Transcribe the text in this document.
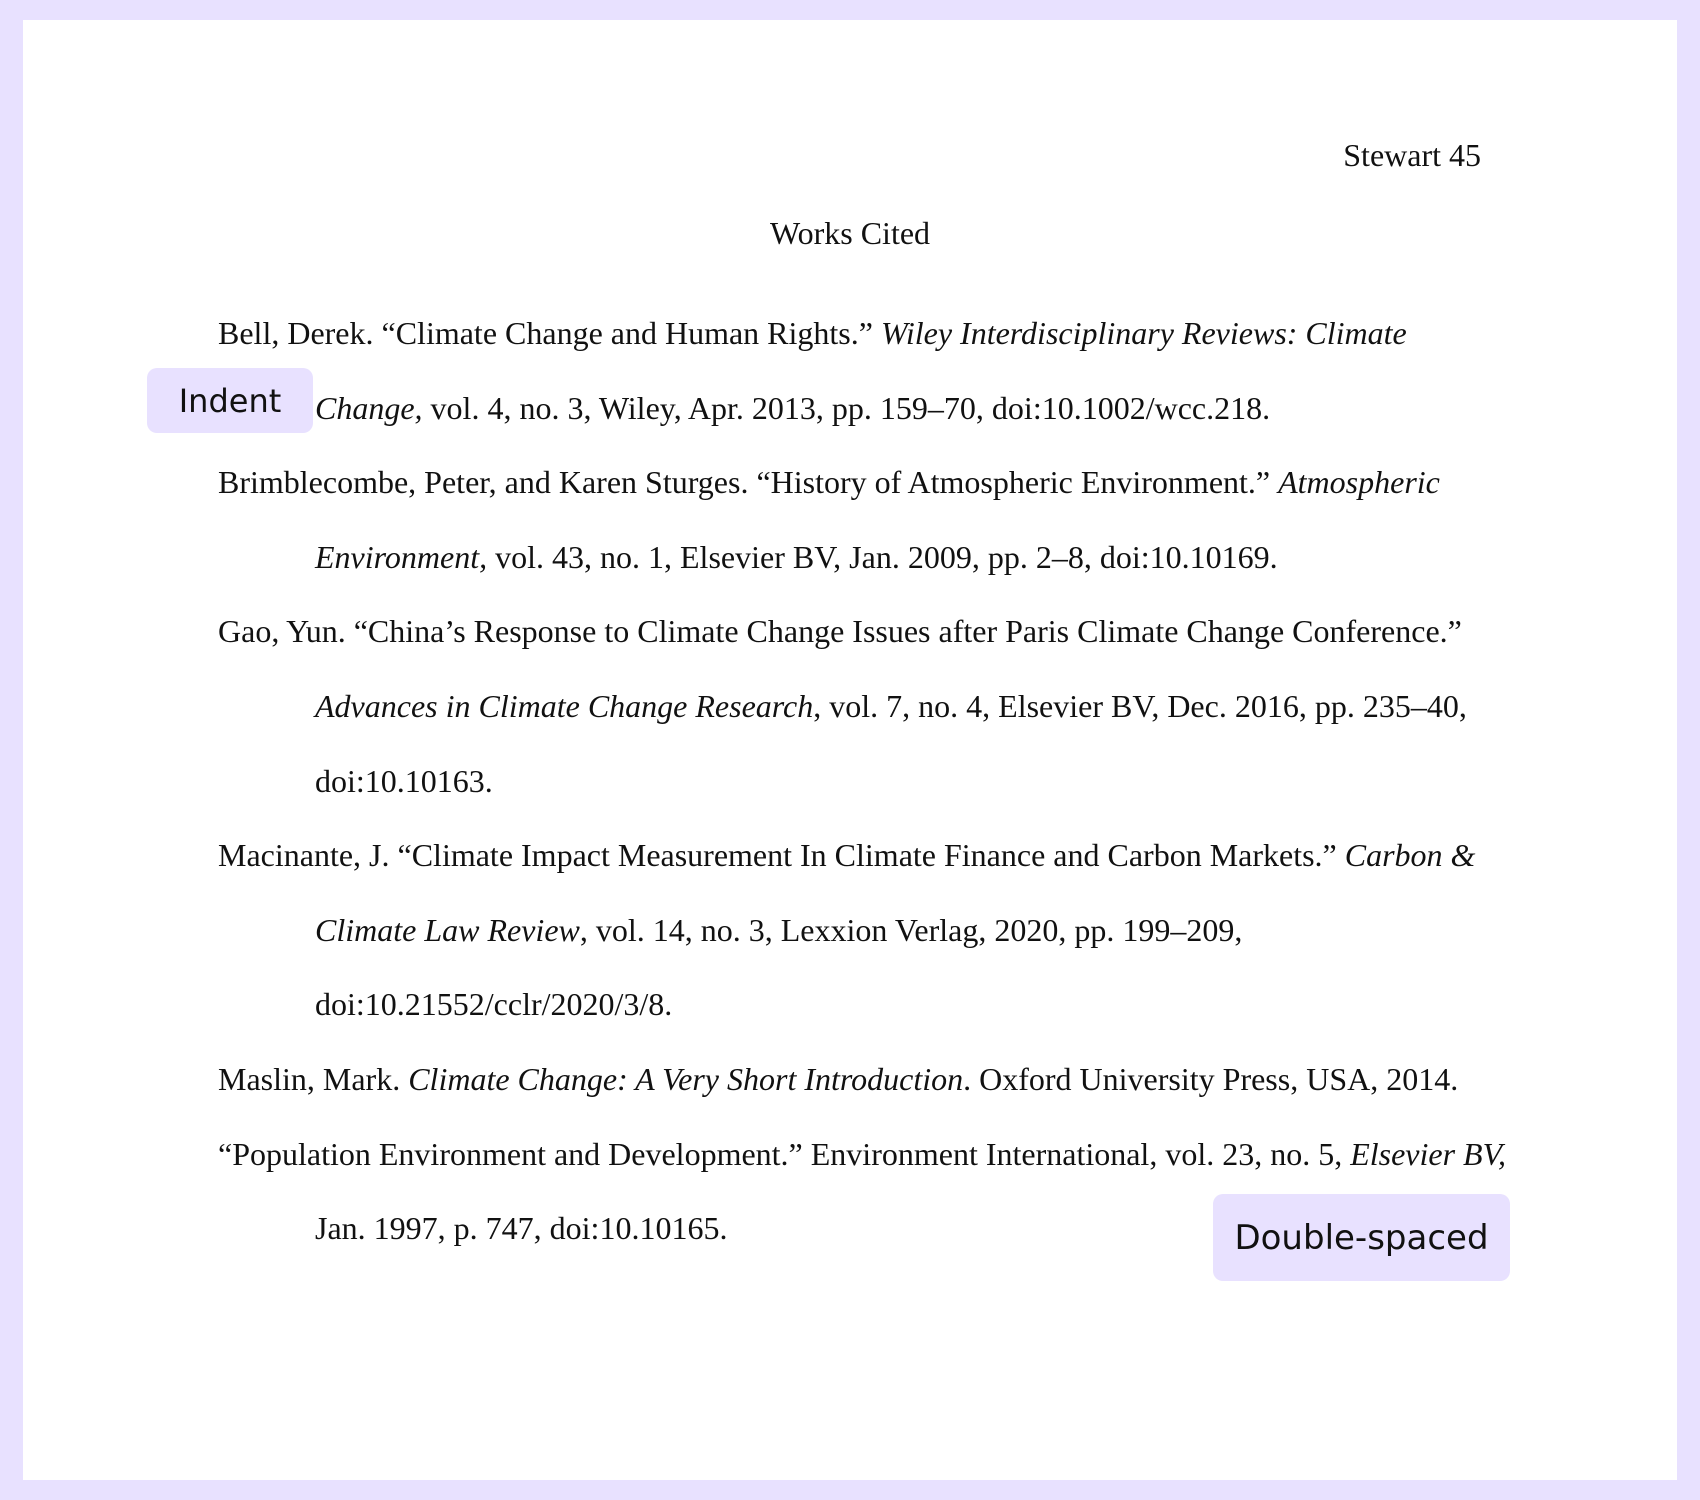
Stewart 45
Works Cited

Bell, Derek. “Climate Change and Human Rights.” Wiley Interdisciplinary Reviews: Climate Change, vol. 4, no. 3, Wiley, Apr. 2013, pp. 159–70, doi:10.1002/wcc.218.

Brimblecombe, Peter, and Karen Sturges. “History of Atmospheric Environment.” Atmospheric Environment, vol. 43, no. 1, Elsevier BV, Jan. 2009, pp. 2–8, doi:10.10169.

Gao, Yun. “China’s Response to Climate Change Issues after Paris Climate Change Conference.” Advances in Climate Change Research, vol. 7, no. 4, Elsevier BV, Dec. 2016, pp. 235–40, doi:10.10163.

Macinante, J. “Climate Impact Measurement In Climate Finance and Carbon Markets.” Carbon & Climate Law Review, vol. 14, no. 3, Lexxion Verlag, 2020, pp. 199–209, doi:10.21552/cclr/2020/3/8.

Maslin, Mark. Climate Change: A Very Short Introduction. Oxford University Press, USA, 2014.

“Population Environment and Development.” Environment International, vol. 23, no. 5, Elsevier BV, Jan. 1997, p. 747, doi:10.10165.

Indent
Double-spaced
